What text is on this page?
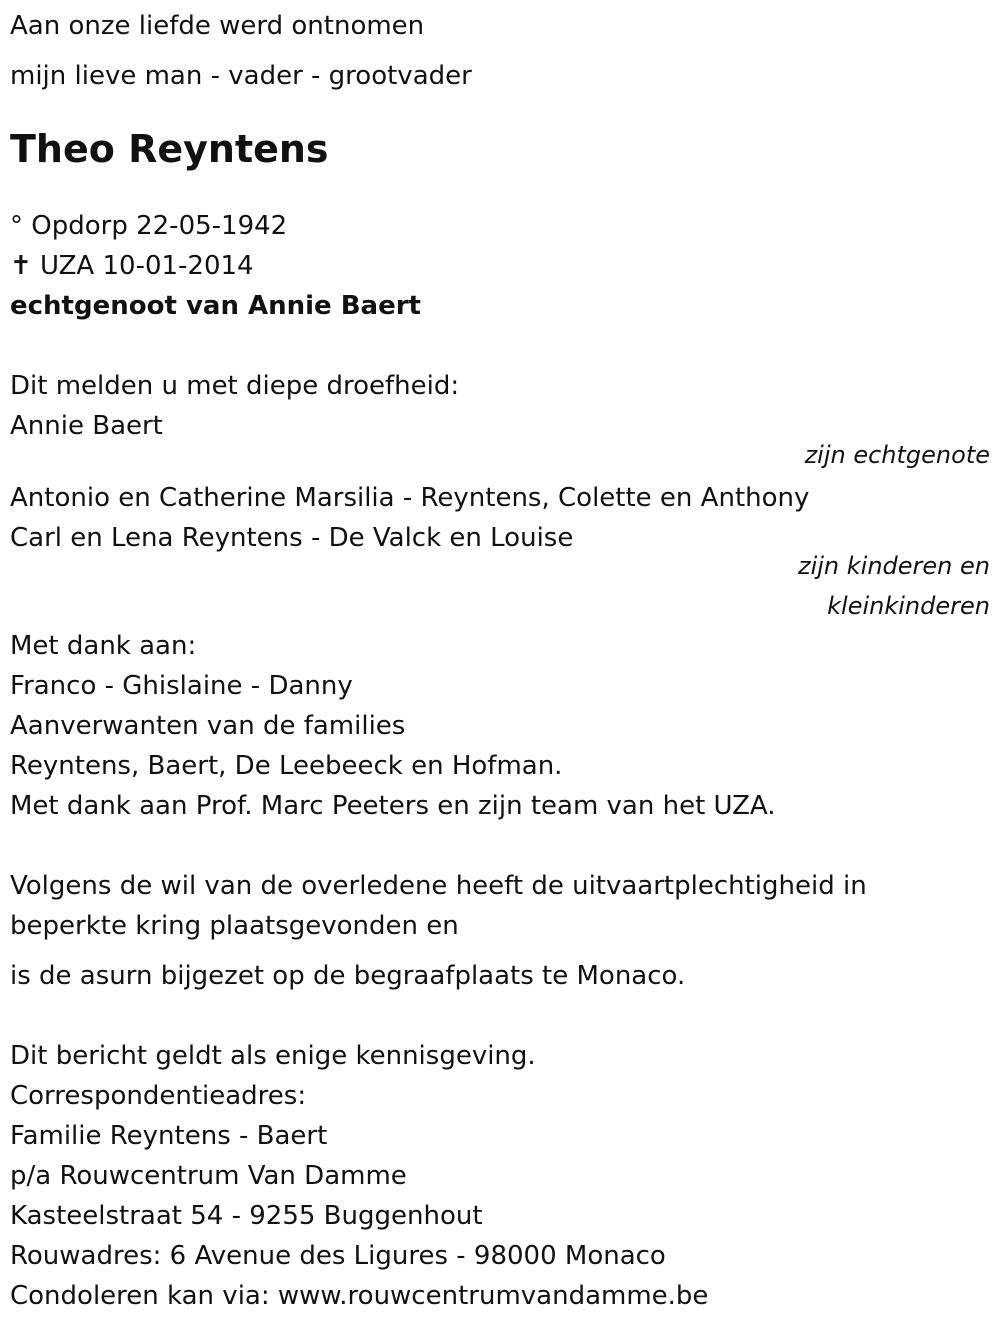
Aan onze liefde werd ontnomen

mijn lieve man - vader - grootvader

Theo Reyntens

° Opdorp 22-05-1942

✝ UZA 10-01-2014

echtgenoot van Annie Baert

Dit melden u met diepe droefheid:

Annie Baert

zijn echtgenote

Antonio en Catherine Marsilia - Reyntens, Colette en Anthony

Carl en Lena Reyntens - De Valck en Louise

zijn kinderen en

kleinkinderen

Met dank aan:

Franco - Ghislaine - Danny

Aanverwanten van de families

Reyntens, Baert, De Leebeeck en Hofman.

Met dank aan Prof. Marc Peeters en zijn team van het UZA.

Volgens de wil van de overledene heeft de uitvaartplechtigheid in

beperkte kring plaatsgevonden en

is de asurn bijgezet op de begraafplaats te Monaco.

Dit bericht geldt als enige kennisgeving.

Correspondentieadres:

Familie Reyntens - Baert

p/a Rouwcentrum Van Damme

Kasteelstraat 54 - 9255 Buggenhout

Rouwadres: 6 Avenue des Ligures - 98000 Monaco

Condoleren kan via: www.rouwcentrumvandamme.be
